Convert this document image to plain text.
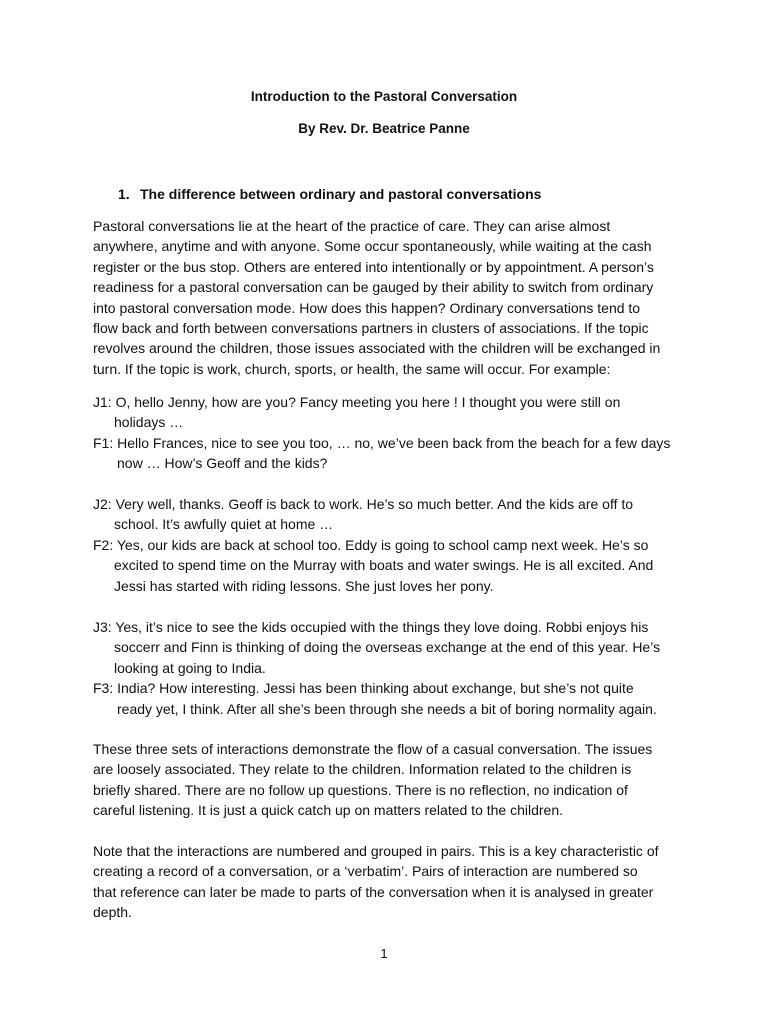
Introduction to the Pastoral Conversation
By Rev. Dr. Beatrice Panne
1. The difference between ordinary and pastoral conversations
Pastoral conversations lie at the heart of the practice of care. They can arise almost
anywhere, anytime and with anyone. Some occur spontaneously, while waiting at the cash
register or the bus stop. Others are entered into intentionally or by appointment. A person’s
readiness for a pastoral conversation can be gauged by their ability to switch from ordinary
into pastoral conversation mode. How does this happen? Ordinary conversations tend to
flow back and forth between conversations partners in clusters of associations. If the topic
revolves around the children, those issues associated with the children will be exchanged in
turn. If the topic is work, church, sports, or health, the same will occur. For example:
J1: O, hello Jenny, how are you? Fancy meeting you here ! I thought you were still on
holidays …
F1: Hello Frances, nice to see you too, … no, we’ve been back from the beach for a few days
now … How’s Geoff and the kids?
J2: Very well, thanks. Geoff is back to work. He’s so much better. And the kids are off to
school. It’s awfully quiet at home …
F2: Yes, our kids are back at school too. Eddy is going to school camp next week. He’s so
excited to spend time on the Murray with boats and water swings. He is all excited. And
Jessi has started with riding lessons. She just loves her pony.
J3: Yes, it’s nice to see the kids occupied with the things they love doing. Robbi enjoys his
soccerr and Finn is thinking of doing the overseas exchange at the end of this year. He’s
looking at going to India.
F3: India? How interesting. Jessi has been thinking about exchange, but she’s not quite
ready yet, I think. After all she’s been through she needs a bit of boring normality again.
These three sets of interactions demonstrate the flow of a casual conversation. The issues
are loosely associated. They relate to the children. Information related to the children is
briefly shared. There are no follow up questions. There is no reflection, no indication of
careful listening. It is just a quick catch up on matters related to the children.
Note that the interactions are numbered and grouped in pairs. This is a key characteristic of
creating a record of a conversation, or a ‘verbatim’. Pairs of interaction are numbered so
that reference can later be made to parts of the conversation when it is analysed in greater
depth.
1
